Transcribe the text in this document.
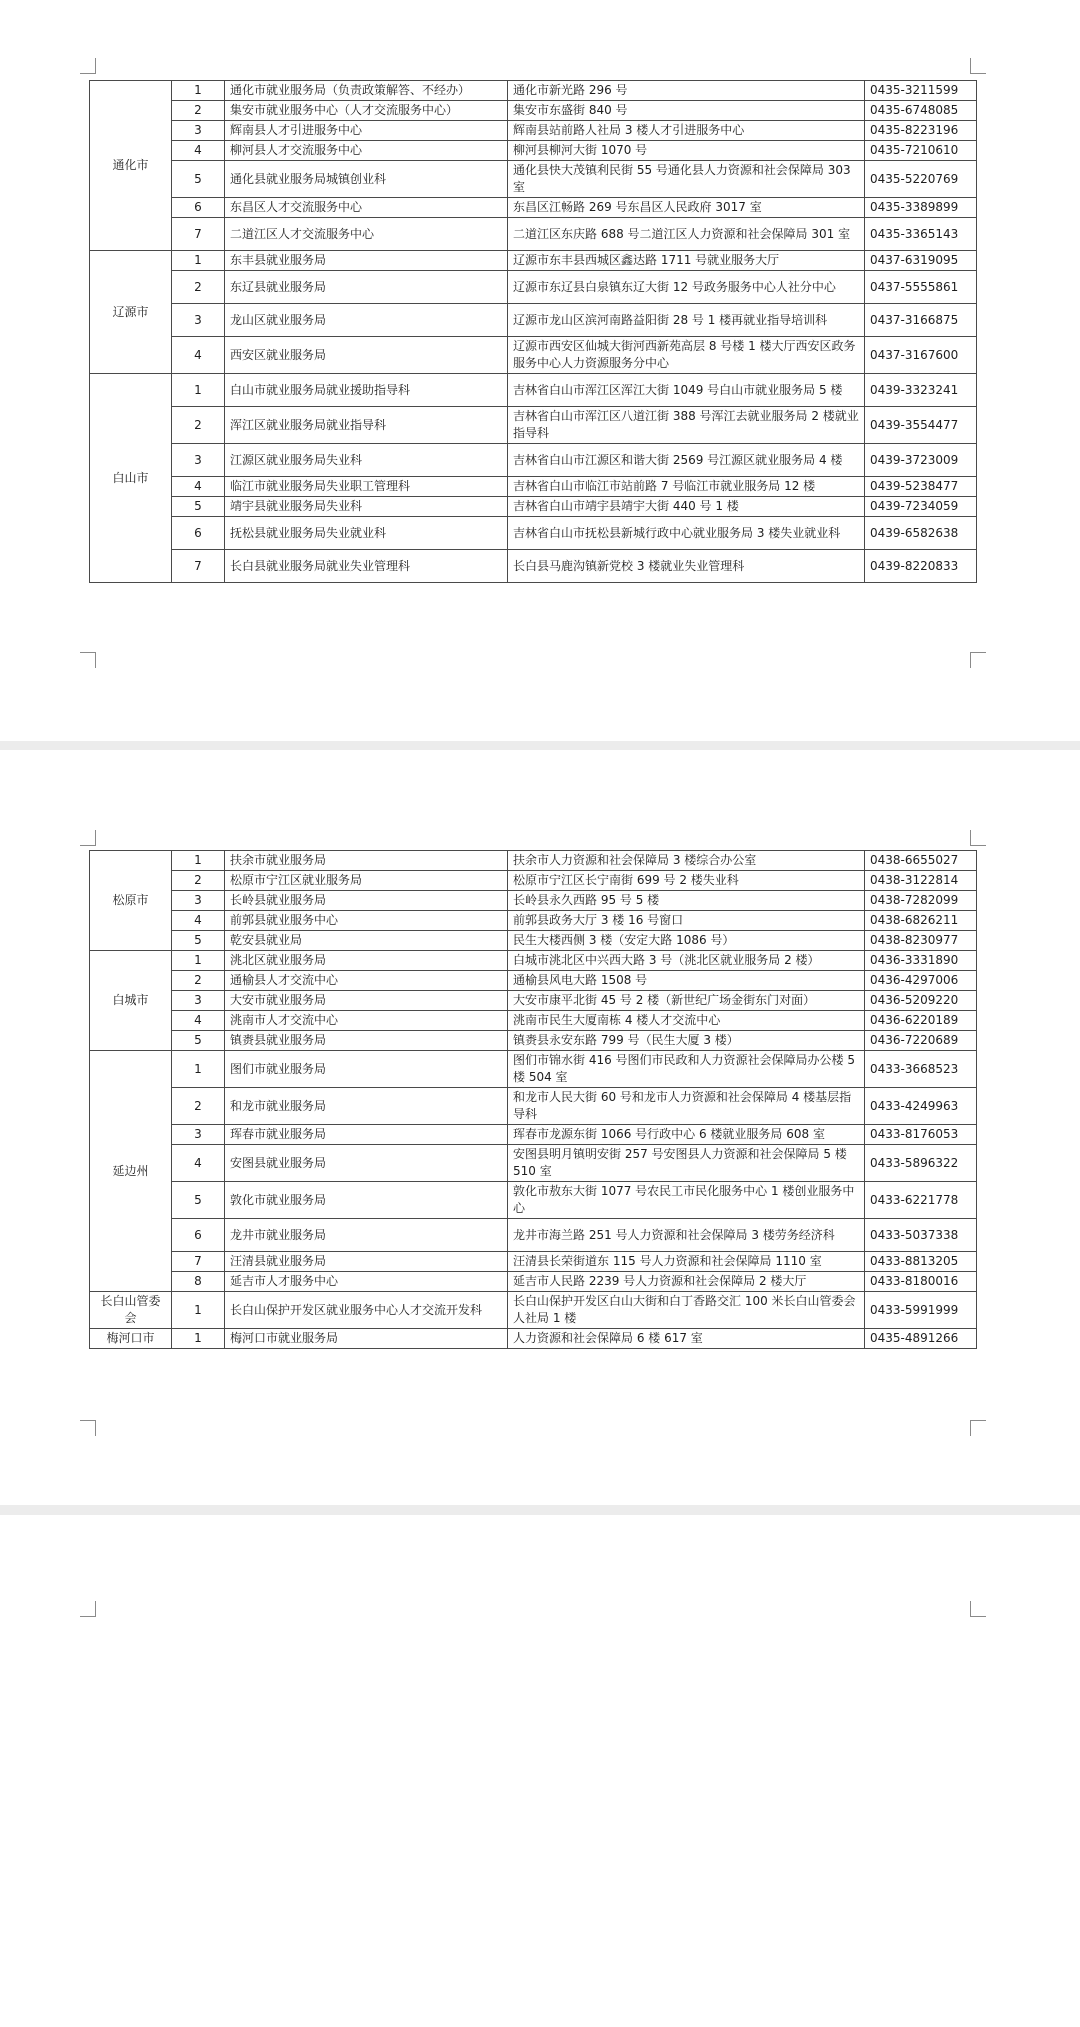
通化市	1	通化市就业服务局（负责政策解答、不经办）	通化市新光路 296 号	0435-3211599
	2	集安市就业服务中心（人才交流服务中心）	集安市东盛街 840 号	0435-6748085
	3	辉南县人才引进服务中心	辉南县站前路人社局 3 楼人才引进服务中心	0435-8223196
	4	柳河县人才交流服务中心	柳河县柳河大街 1070 号	0435-7210610
	5	通化县就业服务局城镇创业科	通化县快大茂镇利民街 55 号通化县人力资源和社会保障局 303 室	0435-5220769
	6	东昌区人才交流服务中心	东昌区江畅路 269 号东昌区人民政府 3017 室	0435-3389899
	7	二道江区人才交流服务中心	二道江区东庆路 688 号二道江区人力资源和社会保障局 301 室	0435-3365143
辽源市	1	东丰县就业服务局	辽源市东丰县西城区鑫达路 1711 号就业服务大厅	0437-6319095
	2	东辽县就业服务局	辽源市东辽县白泉镇东辽大街 12 号政务服务中心人社分中心	0437-5555861
	3	龙山区就业服务局	辽源市龙山区滨河南路益阳街 28 号 1 楼再就业指导培训科	0437-3166875
	4	西安区就业服务局	辽源市西安区仙城大街河西新苑高层 8 号楼 1 楼大厅西安区政务服务中心人力资源服务分中心	0437-3167600
白山市	1	白山市就业服务局就业援助指导科	吉林省白山市浑江区浑江大街 1049 号白山市就业服务局 5 楼	0439-3323241
	2	浑江区就业服务局就业指导科	吉林省白山市浑江区八道江街 388 号浑江去就业服务局 2 楼就业指导科	0439-3554477
	3	江源区就业服务局失业科	吉林省白山市江源区和谐大街 2569 号江源区就业服务局 4 楼	0439-3723009
	4	临江市就业服务局失业职工管理科	吉林省白山市临江市站前路 7 号临江市就业服务局 12 楼	0439-5238477
	5	靖宇县就业服务局失业科	吉林省白山市靖宇县靖宇大街 440 号 1 楼	0439-7234059
	6	抚松县就业服务局失业就业科	吉林省白山市抚松县新城行政中心就业服务局 3 楼失业就业科	0439-6582638
	7	长白县就业服务局就业失业管理科	长白县马鹿沟镇新党校 3 楼就业失业管理科	0439-8220833
松原市	1	扶余市就业服务局	扶余市人力资源和社会保障局 3 楼综合办公室	0438-6655027
	2	松原市宁江区就业服务局	松原市宁江区长宁南街 699 号 2 楼失业科	0438-3122814
	3	长岭县就业服务局	长岭县永久西路 95 号 5 楼	0438-7282099
	4	前郭县就业服务中心	前郭县政务大厅 3 楼 16 号窗口	0438-6826211
	5	乾安县就业局	民生大楼西侧 3 楼（安定大路 1086 号）	0438-8230977
白城市	1	洮北区就业服务局	白城市洮北区中兴西大路 3 号（洮北区就业服务局 2 楼）	0436-3331890
	2	通榆县人才交流中心	通榆县风电大路 1508 号	0436-4297006
	3	大安市就业服务局	大安市康平北街 45 号 2 楼（新世纪广场金街东门对面）	0436-5209220
	4	洮南市人才交流中心	洮南市民生大厦南栋 4 楼人才交流中心	0436-6220189
	5	镇赉县就业服务局	镇赉县永安东路 799 号（民生大厦 3 楼）	0436-7220689
延边州	1	图们市就业服务局	图们市锦水街 416 号图们市民政和人力资源社会保障局办公楼 5 楼 504 室	0433-3668523
	2	和龙市就业服务局	和龙市人民大街 60 号和龙市人力资源和社会保障局 4 楼基层指导科	0433-4249963
	3	珲春市就业服务局	珲春市龙源东街 1066 号行政中心 6 楼就业服务局 608 室	0433-8176053
	4	安图县就业服务局	安图县明月镇明安街 257 号安图县人力资源和社会保障局 5 楼 510 室	0433-5896322
	5	敦化市就业服务局	敦化市敖东大街 1077 号农民工市民化服务中心 1 楼创业服务中心	0433-6221778
	6	龙井市就业服务局	龙井市海兰路 251 号人力资源和社会保障局 3 楼劳务经济科	0433-5037338
	7	汪清县就业服务局	汪清县长荣街道东 115 号人力资源和社会保障局 1110 室	0433-8813205
	8	延吉市人才服务中心	延吉市人民路 2239 号人力资源和社会保障局 2 楼大厅	0433-8180016
长白山管委会	1	长白山保护开发区就业服务中心人才交流开发科	长白山保护开发区白山大街和白丁香路交汇 100 米长白山管委会人社局 1 楼	0433-5991999
梅河口市	1	梅河口市就业服务局	人力资源和社会保障局 6 楼 617 室	0435-4891266
